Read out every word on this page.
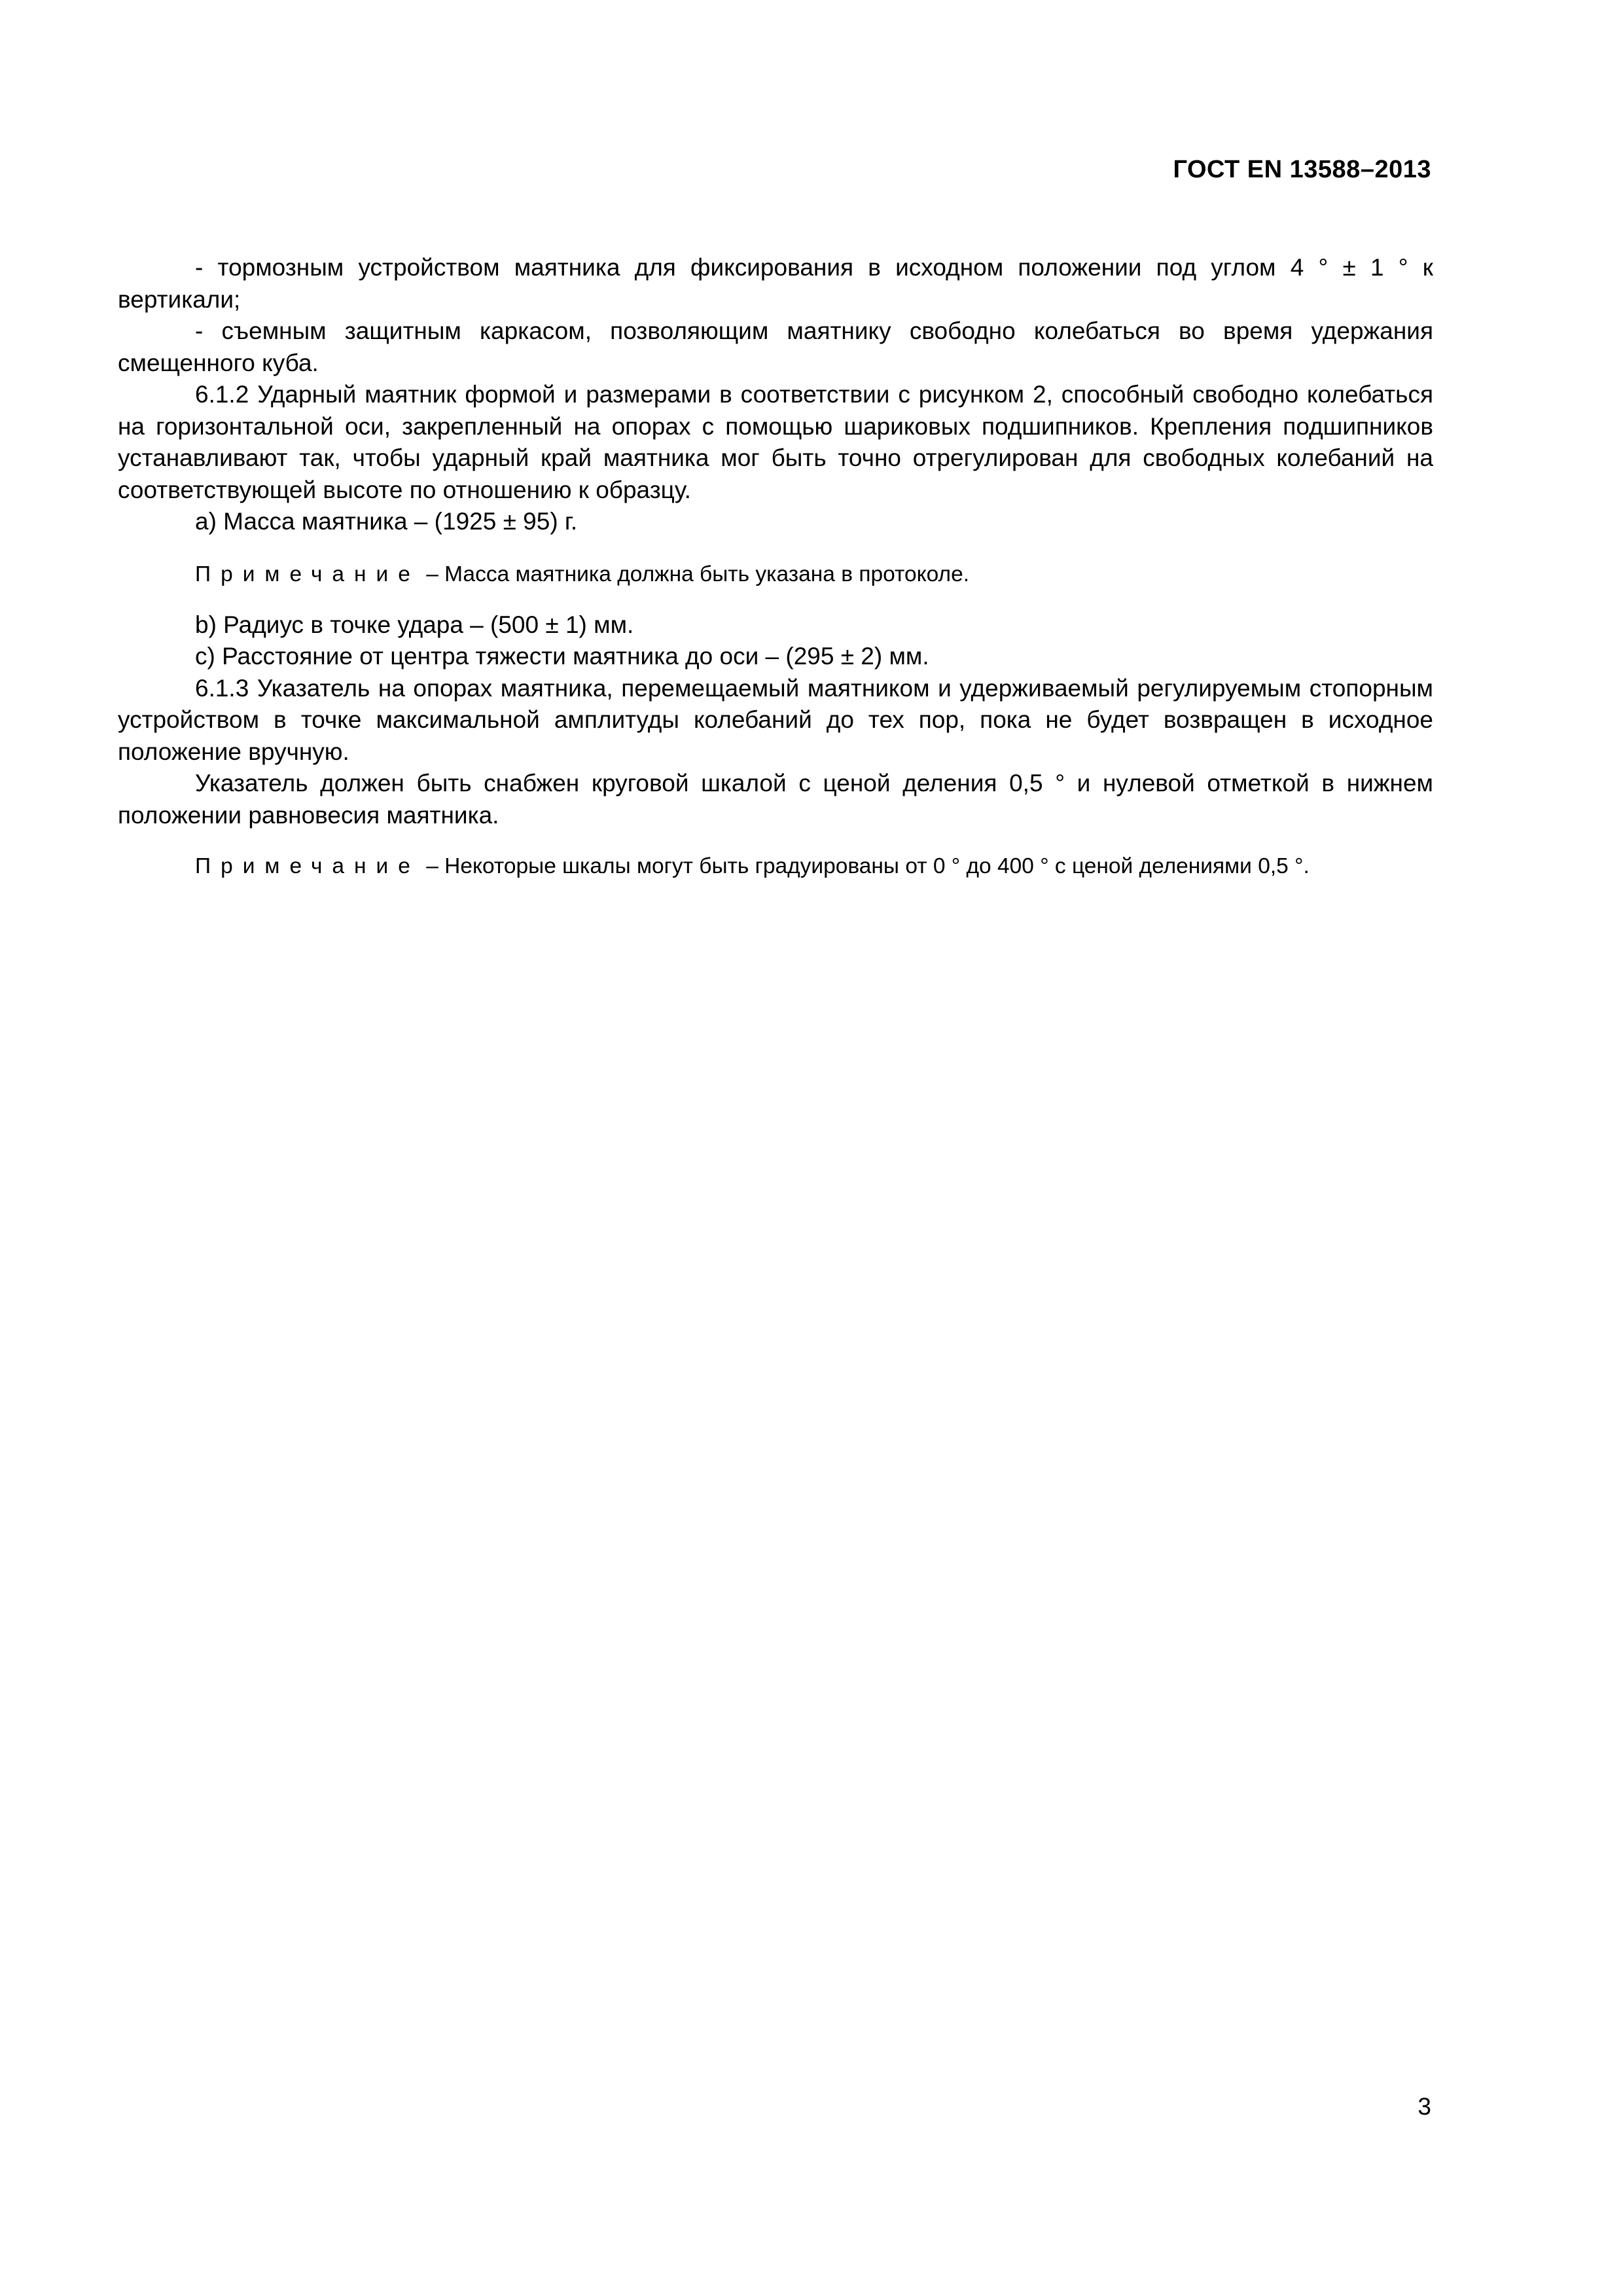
ГОСТ EN 13588–2013

- тормозным устройством маятника для фиксирования в исходном положении под углом 4 ° ± 1 ° к вертикали;

- съемным защитным каркасом, позволяющим маятнику свободно колебаться во время удержания смещенного куба.

6.1.2 Ударный маятник формой и размерами в соответствии с рисунком 2, способный свободно колебаться на горизонтальной оси, закрепленный на опорах с помощью шариковых подшипников. Крепления подшипников устанавливают так, чтобы ударный край маятника мог быть точно отрегулирован для свободных колебаний на соответствующей высоте по отношению к образцу.

a) Масса маятника – (1925 ± 95) г.

Примечание – Масса маятника должна быть указана в протоколе.

b) Радиус в точке удара – (500 ± 1) мм.

c) Расстояние от центра тяжести маятника до оси – (295 ± 2) мм.

6.1.3 Указатель на опорах маятника, перемещаемый маятником и удерживаемый регулируемым стопорным устройством в точке максимальной амплитуды колебаний до тех пор, пока не будет возвращен в исходное положение вручную.

Указатель должен быть снабжен круговой шкалой с ценой деления 0,5 ° и нулевой отметкой в нижнем положении равновесия маятника.

Примечание – Некоторые шкалы могут быть градуированы от 0 ° до 400 ° с ценой делениями 0,5 °.

3
